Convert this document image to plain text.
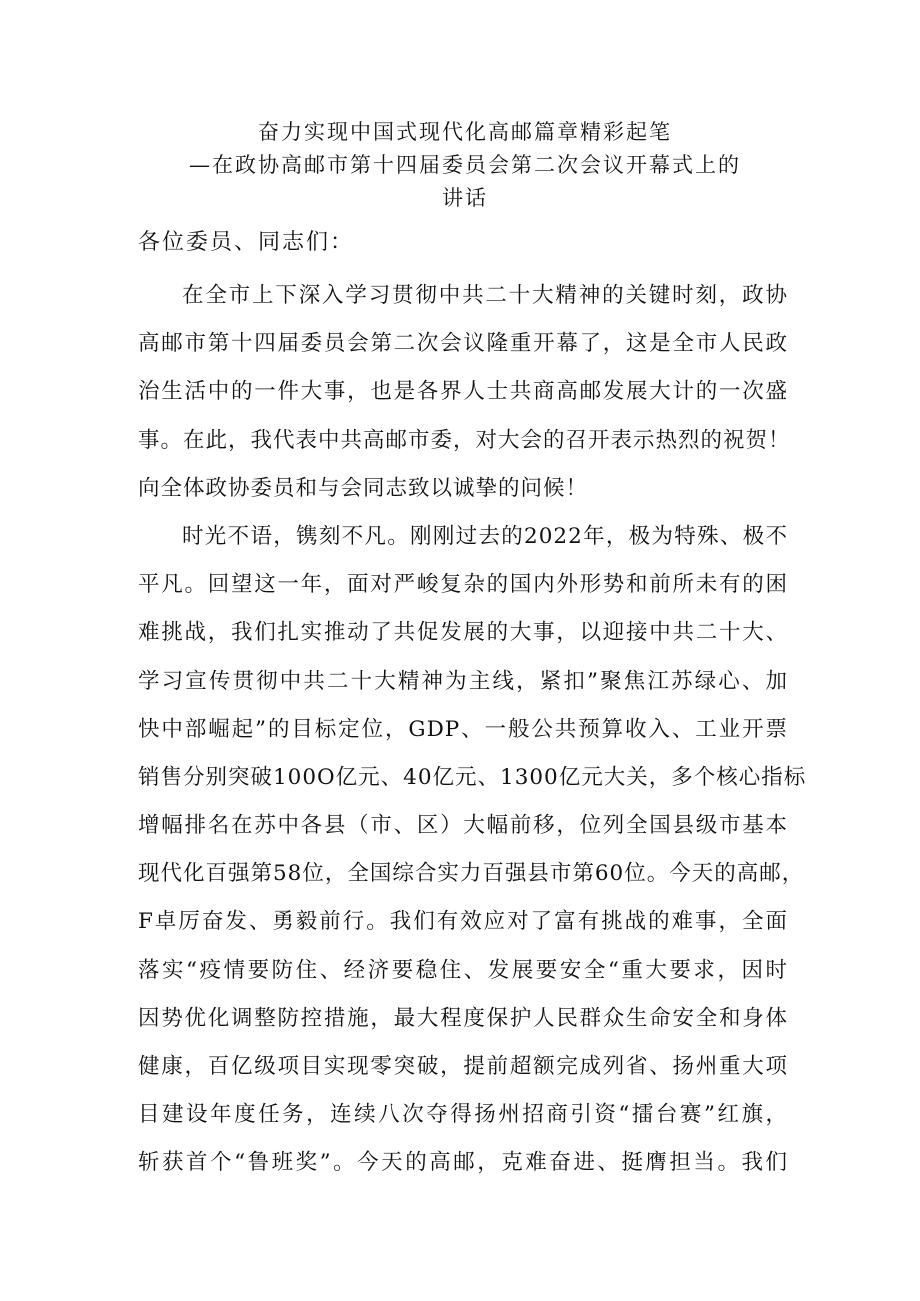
奋力实现中国式现代化高邮篇章精彩起笔
—在政协高邮市第十四届委员会第二次会议开幕式上的
讲话
各位委员、同志们：
在全市上下深入学习贯彻中共二十大精神的关键时刻，政协
高邮市第十四届委员会第二次会议隆重开幕了，这是全市人民政
治生活中的一件大事，也是各界人士共商高邮发展大计的一次盛
事。在此，我代表中共高邮市委，对大会的召开表示热烈的祝贺！
向全体政协委员和与会同志致以诚挚的问候！
时光不语，镌刻不凡。刚刚过去的2022年，极为特殊、极不
平凡。回望这一年，面对严峻复杂的国内外形势和前所未有的困
难挑战，我们扎实推动了共促发展的大事，以迎接中共二十大、
学习宣传贯彻中共二十大精神为主线，紧扣”聚焦江苏绿心、加
快中部崛起”的目标定位，GDP、一般公共预算收入、工业开票
销售分别突破100O亿元、40亿元、1300亿元大关，多个核心指标
增幅排名在苏中各县（市、区）大幅前移，位列全国县级市基本
现代化百强第58位，全国综合实力百强县市第60位。今天的高邮，
F卓厉奋发、勇毅前行。我们有效应对了富有挑战的难事，全面
落实“疫情要防住、经济要稳住、发展要安全“重大要求，因时
因势优化调整防控措施，最大程度保护人民群众生命安全和身体
健康，百亿级项目实现零突破，提前超额完成列省、扬州重大项
目建设年度任务，连续八次夺得扬州招商引资“擂台赛”红旗，
斩获首个“鲁班奖”。今天的高邮，克难奋进、挺膺担当。我们
